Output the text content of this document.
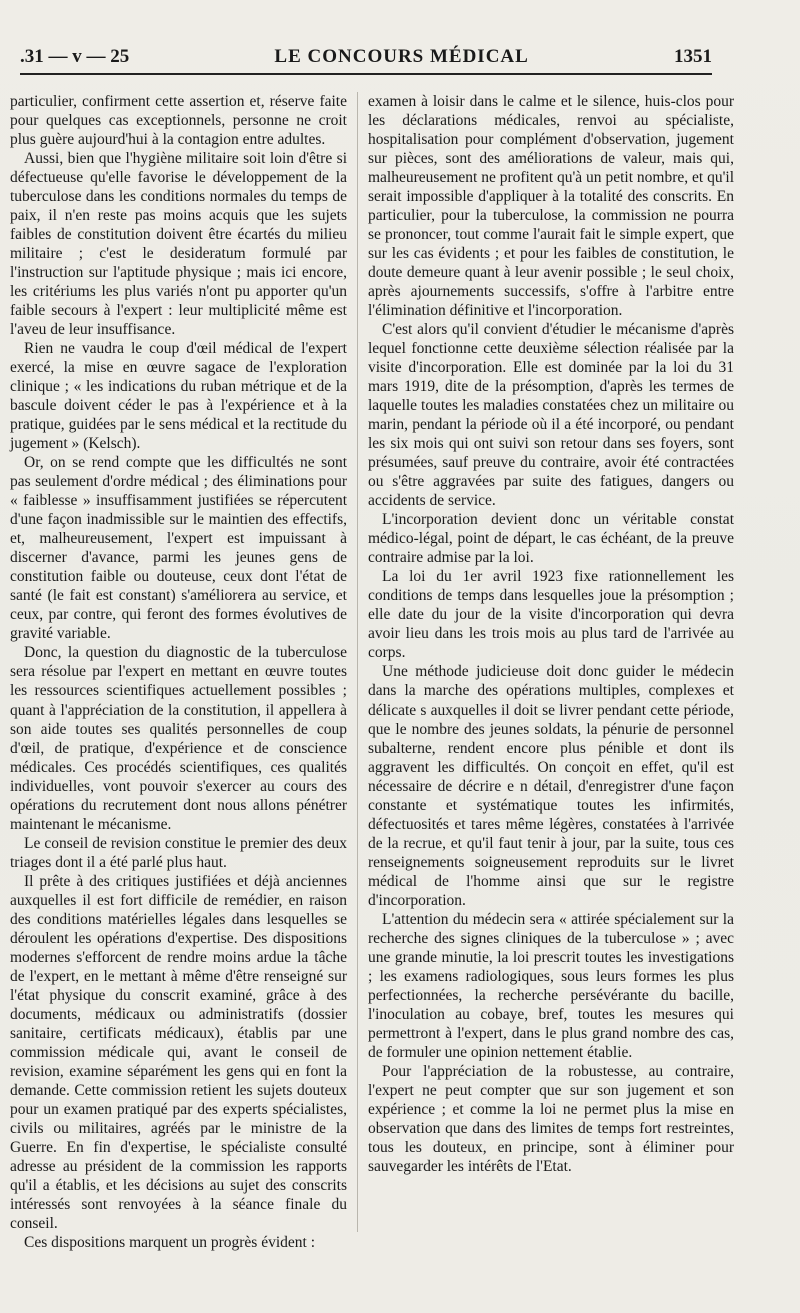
.31 — v — 25	LE CONCOURS MÉDICAL	1351

particulier, confirment cette assertion et, réserve faite pour quelques cas exceptionnels, personne ne croit plus guère aujourd'hui à la contagion entre adultes.

Aussi, bien que l'hygiène militaire soit loin d'être si défectueuse qu'elle favorise le développement de la tuberculose dans les conditions normales du temps de paix, il n'en reste pas moins acquis que les sujets faibles de constitution doivent être écartés du milieu militaire ; c'est le desideratum formulé par l'instruction sur l'aptitude physique ; mais ici encore, les critériums les plus variés n'ont pu apporter qu'un faible secours à l'expert : leur multiplicité même est l'aveu de leur insuffisance.

Rien ne vaudra le coup d'œil médical de l'expert exercé, la mise en œuvre sagace de l'exploration clinique ; « les indications du ruban métrique et de la bascule doivent céder le pas à l'expérience et à la pratique, guidées par le sens médical et la rectitude du jugement » (Kelsch).

Or, on se rend compte que les difficultés ne sont pas seulement d'ordre médical ; des éliminations pour « faiblesse » insuffisamment justifiées se répercutent d'une façon inadmissible sur le maintien des effectifs, et, malheureusement, l'expert est impuissant à discerner d'avance, parmi les jeunes gens de constitution faible ou douteuse, ceux dont l'état de santé (le fait est constant) s'améliorera au service, et ceux, par contre, qui feront des formes évolutives de gravité variable.

Donc, la question du diagnostic de la tuberculose sera résolue par l'expert en mettant en œuvre toutes les ressources scientifiques actuellement possibles ; quant à l'appréciation de la constitution, il appellera à son aide toutes ses qualités personnelles de coup d'œil, de pratique, d'expérience et de conscience médicales. Ces procédés scientifiques, ces qualités individuelles, vont pouvoir s'exercer au cours des opérations du recrutement dont nous allons pénétrer maintenant le mécanisme.

Le conseil de revision constitue le premier des deux triages dont il a été parlé plus haut.

Il prête à des critiques justifiées et déjà anciennes auxquelles il est fort difficile de remédier, en raison des conditions matérielles légales dans lesquelles se déroulent les opérations d'expertise. Des dispositions modernes s'efforcent de rendre moins ardue la tâche de l'expert, en le mettant à même d'être renseigné sur l'état physique du conscrit examiné, grâce à des documents, médicaux ou administratifs (dossier sanitaire, certificats médicaux), établis par une commission médicale qui, avant le conseil de revision, examine séparément les gens qui en font la demande. Cette commission retient les sujets douteux pour un examen pratiqué par des experts spécialistes, civils ou militaires, agréés par le ministre de la Guerre. En fin d'expertise, le spécialiste consulté adresse au président de la commission les rapports qu'il a établis, et les décisions au sujet des conscrits intéressés sont renvoyées à la séance finale du conseil.

Ces dispositions marquent un progrès évident :

examen à loisir dans le calme et le silence, huis-clos pour les déclarations médicales, renvoi au spécialiste, hospitalisation pour complément d'observation, jugement sur pièces, sont des améliorations de valeur, mais qui, malheureusement ne profitent qu'à un petit nombre, et qu'il serait impossible d'appliquer à la totalité des conscrits. En particulier, pour la tuberculose, la commission ne pourra se prononcer, tout comme l'aurait fait le simple expert, que sur les cas évidents ; et pour les faibles de constitution, le doute demeure quant à leur avenir possible ; le seul choix, après ajournements successifs, s'offre à l'arbitre entre l'élimination définitive et l'incorporation.

C'est alors qu'il convient d'étudier le mécanisme d'après lequel fonctionne cette deuxième sélection réalisée par la visite d'incorporation. Elle est dominée par la loi du 31 mars 1919, dite de la présomption, d'après les termes de laquelle toutes les maladies constatées chez un militaire ou marin, pendant la période où il a été incorporé, ou pendant les six mois qui ont suivi son retour dans ses foyers, sont présumées, sauf preuve du contraire, avoir été contractées ou s'être aggravées par suite des fatigues, dangers ou accidents de service.

L'incorporation devient donc un véritable constat médico-légal, point de départ, le cas échéant, de la preuve contraire admise par la loi.

La loi du 1er avril 1923 fixe rationnellement les conditions de temps dans lesquelles joue la présomption ; elle date du jour de la visite d'incorporation qui devra avoir lieu dans les trois mois au plus tard de l'arrivée au corps.

Une méthode judicieuse doit donc guider le médecin dans la marche des opérations multiples, complexes et délicate s auxquelles il doit se livrer pendant cette période, que le nombre des jeunes soldats, la pénurie de personnel subalterne, rendent encore plus pénible et dont ils aggravent les difficultés. On conçoit en effet, qu'il est nécessaire de décrire e n détail, d'enregistrer d'une façon constante et systématique toutes les infirmités, défectuosités et tares même légères, constatées à l'arrivée de la recrue, et qu'il faut tenir à jour, par la suite, tous ces renseignements soigneusement reproduits sur le livret médical de l'homme ainsi que sur le registre d'incorporation.

L'attention du médecin sera « attirée spécialement sur la recherche des signes cliniques de la tuberculose » ; avec une grande minutie, la loi prescrit toutes les investigations ; les examens radiologiques, sous leurs formes les plus perfectionnées, la recherche persévérante du bacille, l'inoculation au cobaye, bref, toutes les mesures qui permettront à l'expert, dans le plus grand nombre des cas, de formuler une opinion nettement établie.

Pour l'appréciation de la robustesse, au contraire, l'expert ne peut compter que sur son jugement et son expérience ; et comme la loi ne permet plus la mise en observation que dans des limites de temps fort restreintes, tous les douteux, en principe, sont à éliminer pour sauvegarder les intérêts de l'Etat.
